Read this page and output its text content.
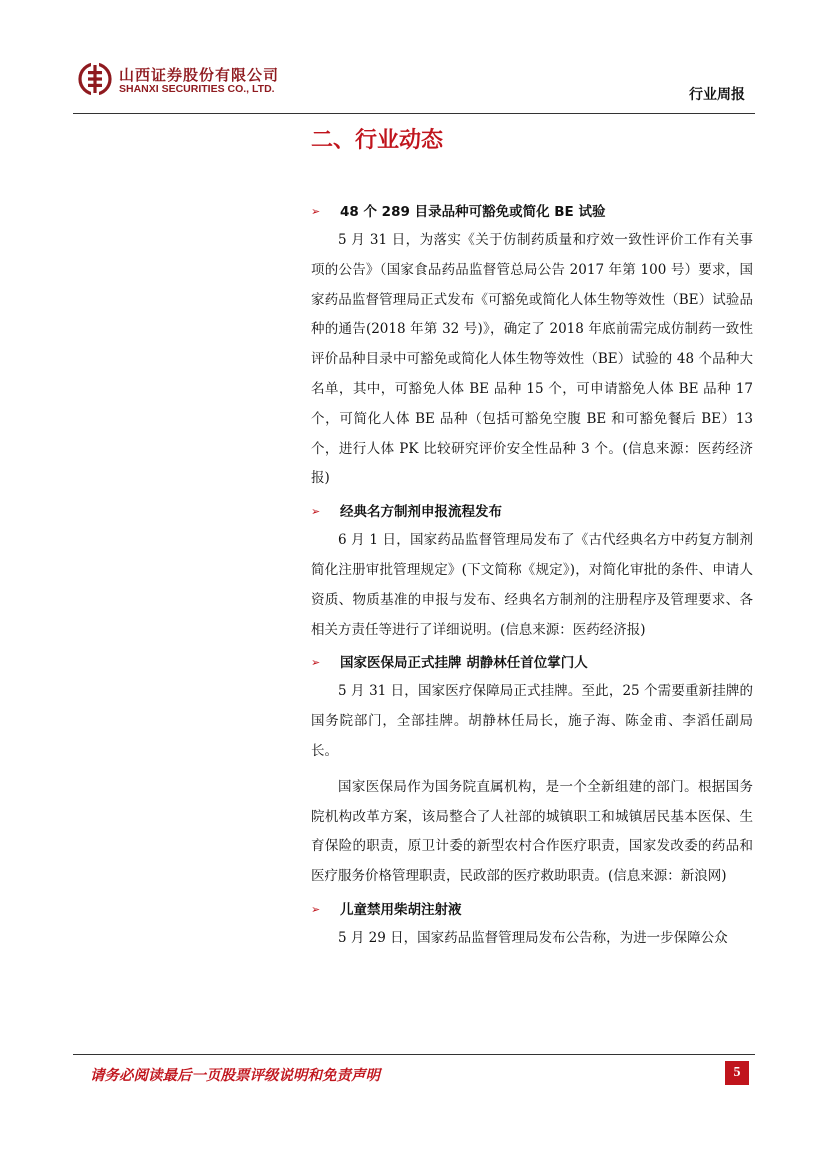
山西证券股份有限公司
SHANXI SECURITIES CO., LTD.	行业周报
二、行业动态
➢ 48 个 289 目录品种可豁免或简化 BE 试验

5 月 31 日，为落实《关于仿制药质量和疗效一致性评价工作有关事项的公告》（国家食品药品监督管总局公告 2017 年第 100 号）要求，国家药品监督管理局正式发布《可豁免或简化人体生物等效性（BE）试验品种的通告(2018 年第 32 号)》，确定了 2018 年底前需完成仿制药一致性评价品种目录中可豁免或简化人体生物等效性（BE）试验的 48 个品种大名单，其中，可豁免人体 BE 品种 15 个，可申请豁免人体 BE 品种 17 个，可简化人体 BE 品种（包括可豁免空腹 BE 和可豁免餐后 BE）13 个，进行人体 PK 比较研究评价安全性品种 3 个。(信息来源：医药经济报)

➢ 经典名方制剂申报流程发布

6 月 1 日，国家药品监督管理局发布了《古代经典名方中药复方制剂简化注册审批管理规定》(下文简称《规定》)，对简化审批的条件、申请人资质、物质基准的申报与发布、经典名方制剂的注册程序及管理要求、各相关方责任等进行了详细说明。(信息来源：医药经济报)

➢ 国家医保局正式挂牌 胡静林任首位掌门人

5 月 31 日，国家医疗保障局正式挂牌。至此，25 个需要重新挂牌的国务院部门，全部挂牌。胡静林任局长，施子海、陈金甫、李滔任副局长。

国家医保局作为国务院直属机构，是一个全新组建的部门。根据国务院机构改革方案，该局整合了人社部的城镇职工和城镇居民基本医保、生育保险的职责，原卫计委的新型农村合作医疗职责，国家发改委的药品和医疗服务价格管理职责，民政部的医疗救助职责。(信息来源：新浪网)

➢ 儿童禁用柴胡注射液

5 月 29 日，国家药品监督管理局发布公告称，为进一步保障公众

请务必阅读最后一页股票评级说明和免责声明	5
